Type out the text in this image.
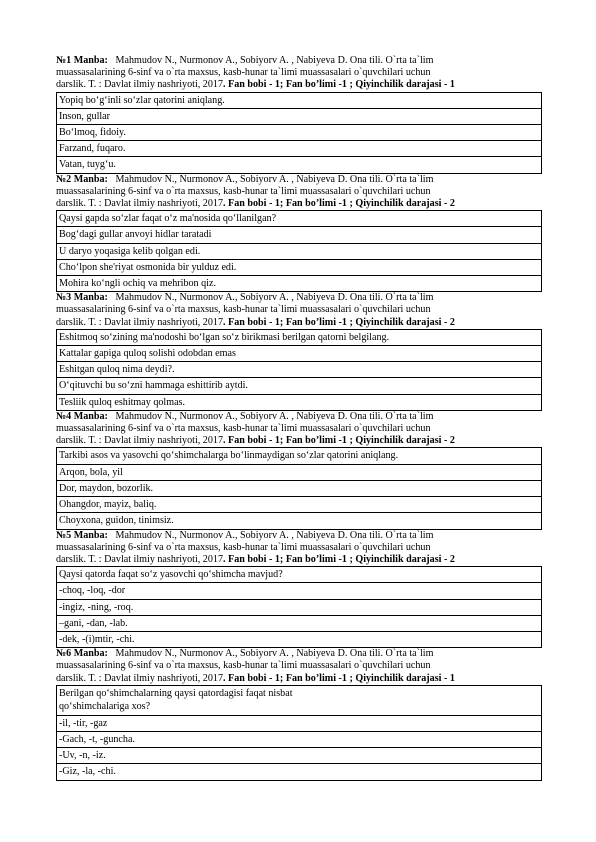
№1 Manba: Mahmudov N., Nurmonov A., Sobiyorv A. , Nabiyeva D. Ona tili. O`rta ta`lim
muassasalarining 6-sinf va o`rta maxsus, kasb-hunar ta`limi muassasalari o`quvchilari uchun
darslik. T. : Davlat ilmiy nashriyoti, 2017. Fan bobi - 1; Fan bo’limi -1 ; Qiyinchilik darajasi - 1
Yopiq bo‘g‘inli so‘zlar qatorini aniqlang.
Inson, gullar
Bo‘lmoq, fidoiy.
Farzand, fuqaro.
Vatan, tuyg‘u.
№2 Manba: Mahmudov N., Nurmonov A., Sobiyorv A. , Nabiyeva D. Ona tili. O`rta ta`lim
muassasalarining 6-sinf va o`rta maxsus, kasb-hunar ta`limi muassasalari o`quvchilari uchun
darslik. T. : Davlat ilmiy nashriyoti, 2017. Fan bobi - 1; Fan bo’limi -1 ; Qiyinchilik darajasi - 2
Qaysi gapda so‘zlar faqat o‘z ma'nosida qo‘llanilgan?
Bog‘dagi gullar anvoyi hidlar taratadi
U daryo yoqasiga kelib qolgan edi.
Cho‘lpon she'riyat osmonida bir yulduz edi.
Mohira ko‘ngli ochiq va mehribon qiz.
№3 Manba: Mahmudov N., Nurmonov A., Sobiyorv A. , Nabiyeva D. Ona tili. O`rta ta`lim
muassasalarining 6-sinf va o`rta maxsus, kasb-hunar ta`limi muassasalari o`quvchilari uchun
darslik. T. : Davlat ilmiy nashriyoti, 2017. Fan bobi - 1; Fan bo’limi -1 ; Qiyinchilik darajasi - 2
Eshitmoq so‘zining ma'nodoshi bo‘lgan so‘z birikmasi berilgan qatorni belgilang.
Kattalar gapiga quloq solishi odobdan emas
Eshitgan quloq nima deydi?.
O‘qituvchi bu so‘zni hammaga eshittirib aytdi.
Tesliik quloq eshitmay qolmas.
№4 Manba: Mahmudov N., Nurmonov A., Sobiyorv A. , Nabiyeva D. Ona tili. O`rta ta`lim
muassasalarining 6-sinf va o`rta maxsus, kasb-hunar ta`limi muassasalari o`quvchilari uchun
darslik. T. : Davlat ilmiy nashriyoti, 2017. Fan bobi - 1; Fan bo’limi -1 ; Qiyinchilik darajasi - 2
Tarkibi asos va yasovchi qo‘shimchalarga bo‘linmaydigan so‘zlar qatorini aniqlang.
Arqon, bola, yil
Dor, maydon, bozorlik.
Ohangdor, mayiz, baliq.
Choyxona, guidon, tinimsiz.
№5 Manba: Mahmudov N., Nurmonov A., Sobiyorv A. , Nabiyeva D. Ona tili. O`rta ta`lim
muassasalarining 6-sinf va o`rta maxsus, kasb-hunar ta`limi muassasalari o`quvchilari uchun
darslik. T. : Davlat ilmiy nashriyoti, 2017. Fan bobi - 1; Fan bo’limi -1 ; Qiyinchilik darajasi - 2
Qaysi qatorda faqat so‘z yasovchi qo‘shimcha mavjud?
-choq, -loq, -dor
-ingiz, -ning, -roq.
–gani, -dan, -lab.
-dek, -(i)mtir, -chi.
№6 Manba: Mahmudov N., Nurmonov A., Sobiyorv A. , Nabiyeva D. Ona tili. O`rta ta`lim
muassasalarining 6-sinf va o`rta maxsus, kasb-hunar ta`limi muassasalari o`quvchilari uchun
darslik. T. : Davlat ilmiy nashriyoti, 2017. Fan bobi - 1; Fan bo’limi -1 ; Qiyinchilik darajasi - 1
Berilgan qo‘shimchalarning qaysi qatordagisi faqat nisbat
qo‘shimchalariga xos?

-il, -tir, -gaz
-Gach, -t, -guncha.
-Uv, -n, -iz.
-Giz, -la, -chi.
